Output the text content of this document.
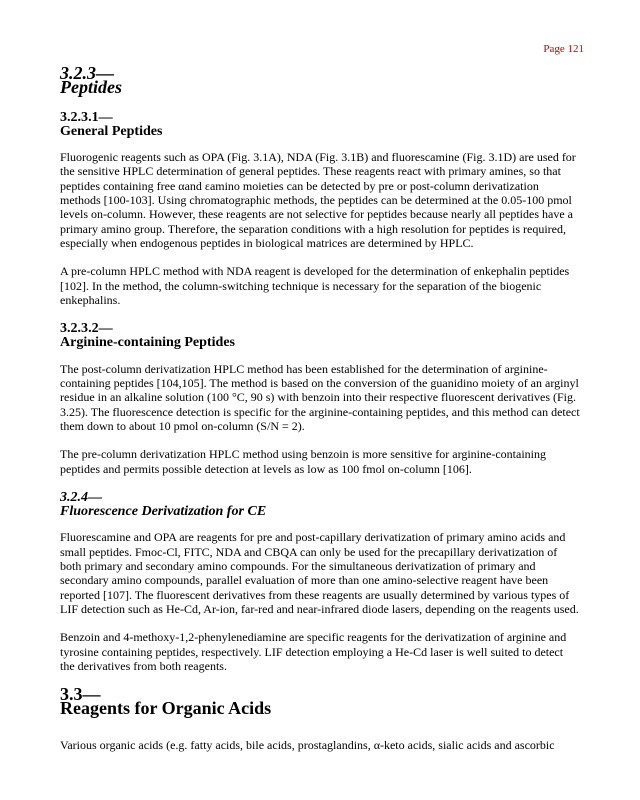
Page 121
3.2.3—
Peptides
3.2.3.1—
General Peptides

Fluorogenic reagents such as OPA (Fig. 3.1A), NDA (Fig. 3.1B) and fluorescamine (Fig. 3.1D) are used for the sensitive HPLC determination of general peptides. These reagents react with primary amines, so that peptides containing free αand εamino moieties can be detected by pre or post-column derivatization methods [100-103]. Using chromatographic methods, the peptides can be determined at the 0.05-100 pmol levels on-column. However, these reagents are not selective for peptides because nearly all peptides have a primary amino group. Therefore, the separation conditions with a high resolution for peptides is required, especially when endogenous peptides in biological matrices are determined by HPLC.

A pre-column HPLC method with NDA reagent is developed for the determination of enkephalin peptides [102]. In the method, the column-switching technique is necessary for the separation of the biogenic enkephalins.

3.2.3.2—
Arginine-containing Peptides

The post-column derivatization HPLC method has been established for the determination of arginine-containing peptides [104,105]. The method is based on the conversion of the guanidino moiety of an arginyl residue in an alkaline solution (100 °C, 90 s) with benzoin into their respective fluorescent derivatives (Fig. 3.25). The fluorescence detection is specific for the arginine-containing peptides, and this method can detect them down to about 10 pmol on-column (S/N = 2).

The pre-column derivatization HPLC method using benzoin is more sensitive for arginine-containing peptides and permits possible detection at levels as low as 100 fmol on-column [106].

3.2.4—
Fluorescence Derivatization for CE

Fluorescamine and OPA are reagents for pre and post-capillary derivatization of primary amino acids and small peptides. Fmoc-Cl, FITC, NDA and CBQA can only be used for the precapillary derivatization of both primary and secondary amino compounds. For the simultaneous derivatization of primary and secondary amino compounds, parallel evaluation of more than one amino-selective reagent have been reported [107]. The fluorescent derivatives from these reagents are usually determined by various types of LIF detection such as He-Cd, Ar-ion, far-red and near-infrared diode lasers, depending on the reagents used.

Benzoin and 4-methoxy-1,2-phenylenediamine are specific reagents for the derivatization of arginine and tyrosine containing peptides, respectively. LIF detection employing a He-Cd laser is well suited to detect the derivatives from both reagents.

3.3—
Reagents for Organic Acids

Various organic acids (e.g. fatty acids, bile acids, prostaglandins, α-keto acids, sialic acids and ascorbic
